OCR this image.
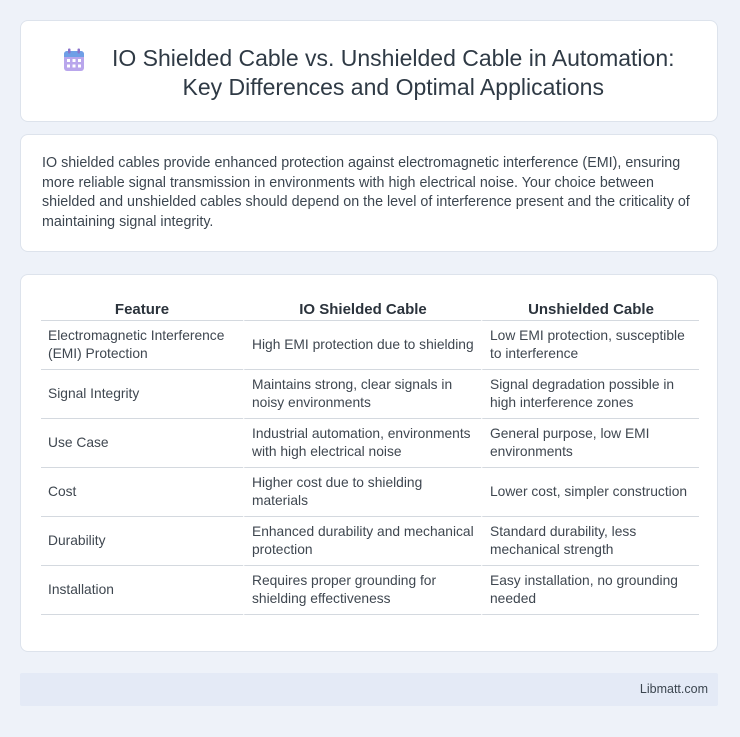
IO Shielded Cable vs. Unshielded Cable in Automation:
Key Differences and Optimal Applications
IO shielded cables provide enhanced protection against electromagnetic interference (EMI), ensuring more reliable signal transmission in environments with high electrical noise. Your choice between shielded and unshielded cables should depend on the level of interference present and the criticality of maintaining signal integrity.
Feature	IO Shielded Cable	Unshielded Cable
Electromagnetic Interference (EMI) Protection	High EMI protection due to shielding	Low EMI protection, susceptible to interference
Signal Integrity	Maintains strong, clear signals in noisy environments	Signal degradation possible in high interference zones
Use Case	Industrial automation, environments with high electrical noise	General purpose, low EMI environments
Cost	Higher cost due to shielding materials	Lower cost, simpler construction
Durability	Enhanced durability and mechanical protection	Standard durability, less mechanical strength
Installation	Requires proper grounding for shielding effectiveness	Easy installation, no grounding needed
Libmatt.com
